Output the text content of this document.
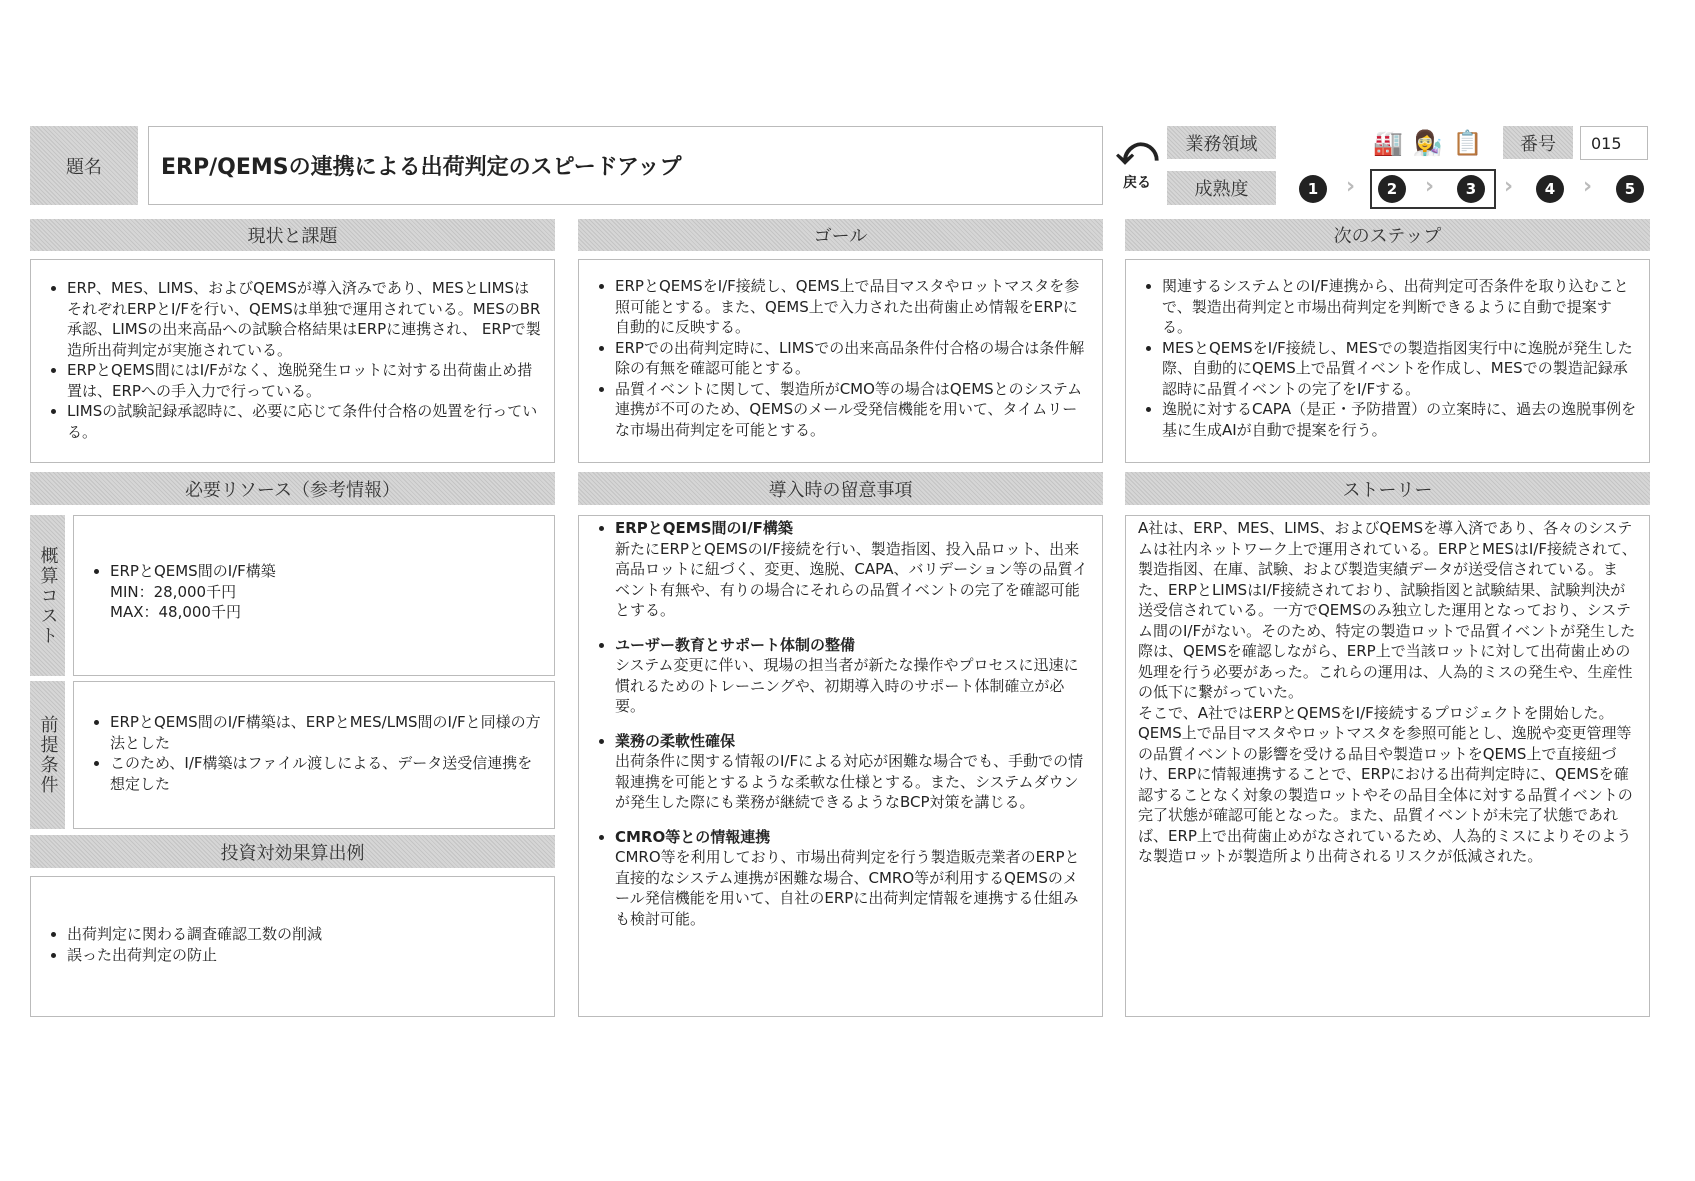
題名	ERP/QEMSの連携による出荷判定のスピードアップ	⤺
戻る
業務領域
成熟度
🏭 👩‍🔬 📋	番号	015
1	›	2	›	3	›	4	›	5
現状と課題	ゴール	次のステップ
• ERP、MES、LIMS、およびQEMSが導入済みであり、MESとLIMSはそれぞれERPとI/Fを行い、QEMSは単独で運用されている。MESのBR承認、LIMSの出来高品への試験合格結果はERPに連携され、 ERPで製造所出荷判定が実施されている。
• ERPとQEMS間にはI/Fがなく、逸脱発生ロットに対する出荷歯止め措置は、ERPへの手入力で行っている。
• LIMSの試験記録承認時に、必要に応じて条件付合格の処置を行っている。
• ERPとQEMSをI/F接続し、QEMS上で品目マスタやロットマスタを参照可能とする。また、QEMS上で入力された出荷歯止め情報をERPに自動的に反映する。
• ERPでの出荷判定時に、LIMSでの出来高品条件付合格の場合は条件解除の有無を確認可能とする。
• 品質イベントに関して、製造所がCMO等の場合はQEMSとのシステム連携が不可のため、QEMSのメール受発信機能を用いて、タイムリーな市場出荷判定を可能とする。
• 関連するシステムとのI/F連携から、出荷判定可否条件を取り込むことで、製造出荷判定と市場出荷判定を判断できるように自動で提案する。
• MESとQEMSをI/F接続し、MESでの製造指図実行中に逸脱が発生した際、自動的にQEMS上で品質イベントを作成し、MESでの製造記録承認時に品質イベントの完了をI/Fする。
• 逸脱に対するCAPA（是正・予防措置）の立案時に、過去の逸脱事例を基に生成AIが自動で提案を行う。
必要リソース（参考情報）	導入時の留意事項	ストーリー
概算コスト	• ERPとQEMS間のI/F構築
MIN：28,000千円
MAX：48,000千円
前提条件	• ERPとQEMS間のI/F構築は、ERPとMES/LMS間のI/Fと同様の方法とした
• このため、I/F構築はファイル渡しによる、データ送受信連携を想定した
投資対効果算出例
• 出荷判定に関わる調査確認工数の削減
• 誤った出荷判定の防止
• ERPとQEMS間のI/F構築
新たにERPとQEMSのI/F接続を行い、製造指図、投入品ロット、出来高品ロットに紐づく、変更、逸脱、CAPA、バリデーション等の品質イベント有無や、有りの場合にそれらの品質イベントの完了を確認可能とする。
• ユーザー教育とサポート体制の整備
システム変更に伴い、現場の担当者が新たな操作やプロセスに迅速に慣れるためのトレーニングや、初期導入時のサポート体制確立が必要。
• 業務の柔軟性確保
出荷条件に関する情報のI/Fによる対応が困難な場合でも、手動での情報連携を可能とするような柔軟な仕様とする。また、システムダウンが発生した際にも業務が継続できるようなBCP対策を講じる。
• CMRO等との情報連携
CMRO等を利用しており、市場出荷判定を行う製造販売業者のERPと直接的なシステム連携が困難な場合、CMRO等が利用するQEMSのメール発信機能を用いて、自社のERPに出荷判定情報を連携する仕組みも検討可能。
A社は、ERP、MES、LIMS、およびQEMSを導入済であり、各々のシステムは社内ネットワーク上で運用されている。ERPとMESはI/F接続されて、製造指図、在庫、試験、および製造実績データが送受信されている。また、ERPとLIMSはI/F接続されており、試験指図と試験結果、試験判決が送受信されている。一方でQEMSのみ独立した運用となっており、システム間のI/Fがない。そのため、特定の製造ロットで品質イベントが発生した際は、QEMSを確認しながら、ERP上で当該ロットに対して出荷歯止めの処理を行う必要があった。これらの運用は、人為的ミスの発生や、生産性の低下に繋がっていた。
そこで、A社ではERPとQEMSをI/F接続するプロジェクトを開始した。QEMS上で品目マスタやロットマスタを参照可能とし、逸脱や変更管理等の品質イベントの影響を受ける品目や製造ロットをQEMS上で直接紐づけ、ERPに情報連携することで、ERPにおける出荷判定時に、QEMSを確認することなく対象の製造ロットやその品目全体に対する品質イベントの完了状態が確認可能となった。また、品質イベントが未完了状態であれば、ERP上で出荷歯止めがなされているため、人為的ミスによりそのような製造ロットが製造所より出荷されるリスクが低減された。
